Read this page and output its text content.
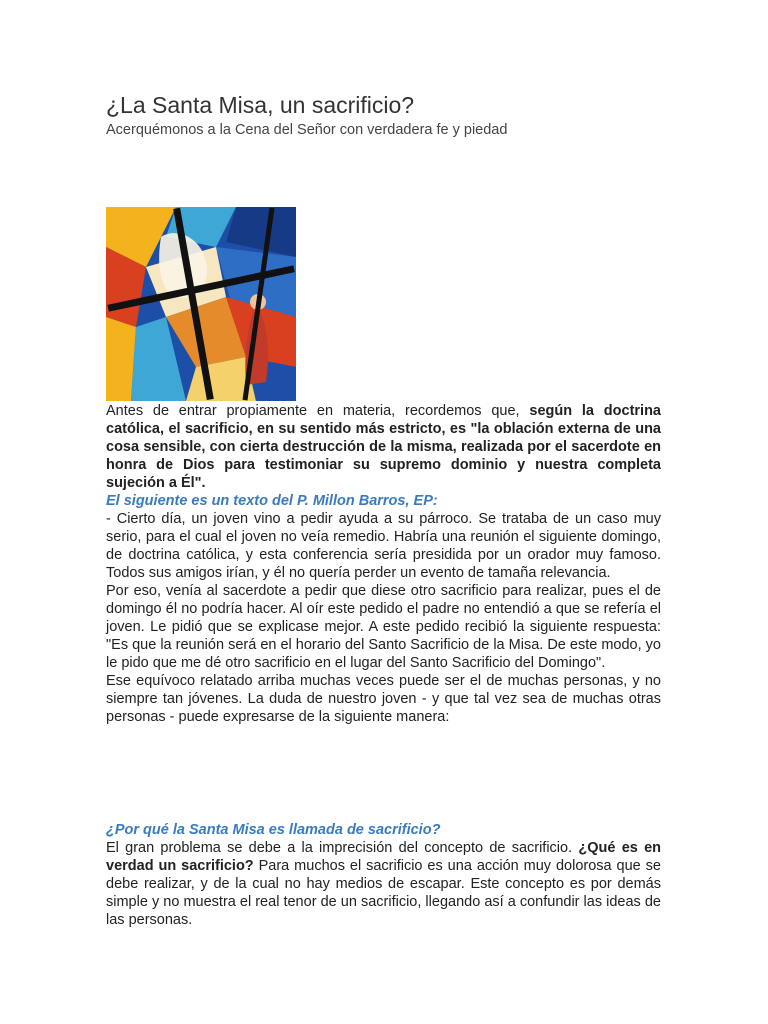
¿La Santa Misa, un sacrificio?

Acerquémonos a la Cena del Señor con verdadera fe y piedad

Antes de entrar propiamente en materia, recordemos que, según la doctrina católica, el sacrificio, en su sentido más estricto, es "la oblación externa de una cosa sensible, con cierta destrucción de la misma, realizada por el sacerdote en honra de Dios para testimoniar su supremo dominio y nuestra completa sujeción a Él".

El siguiente es un texto del P. Millon Barros, EP:

- Cierto día, un joven vino a pedir ayuda a su párroco. Se trataba de un caso muy serio, para el cual el joven no veía remedio. Habría una reunión el siguiente domingo, de doctrina católica, y esta conferencia sería presidida por un orador muy famoso. Todos sus amigos irían, y él no quería perder un evento de tamaña relevancia.

Por eso, venía al sacerdote a pedir que diese otro sacrificio para realizar, pues el de domingo él no podría hacer. Al oír este pedido el padre no entendió a que se refería el joven. Le pidió que se explicase mejor. A este pedido recibió la siguiente respuesta: "Es que la reunión será en el horario del Santo Sacrificio de la Misa. De este modo, yo le pido que me dé otro sacrificio en el lugar del Santo Sacrificio del Domingo".

Ese equívoco relatado arriba muchas veces puede ser el de muchas personas, y no siempre tan jóvenes. La duda de nuestro joven - y que tal vez sea de muchas otras personas - puede expresarse de la siguiente manera:

¿Por qué la Santa Misa es llamada de sacrificio?

El gran problema se debe a la imprecisión del concepto de sacrificio. ¿Qué es en verdad un sacrificio? Para muchos el sacrificio es una acción muy dolorosa que se debe realizar, y de la cual no hay medios de escapar. Este concepto es por demás simple y no muestra el real tenor de un sacrificio, llegando así a confundir las ideas de las personas.
